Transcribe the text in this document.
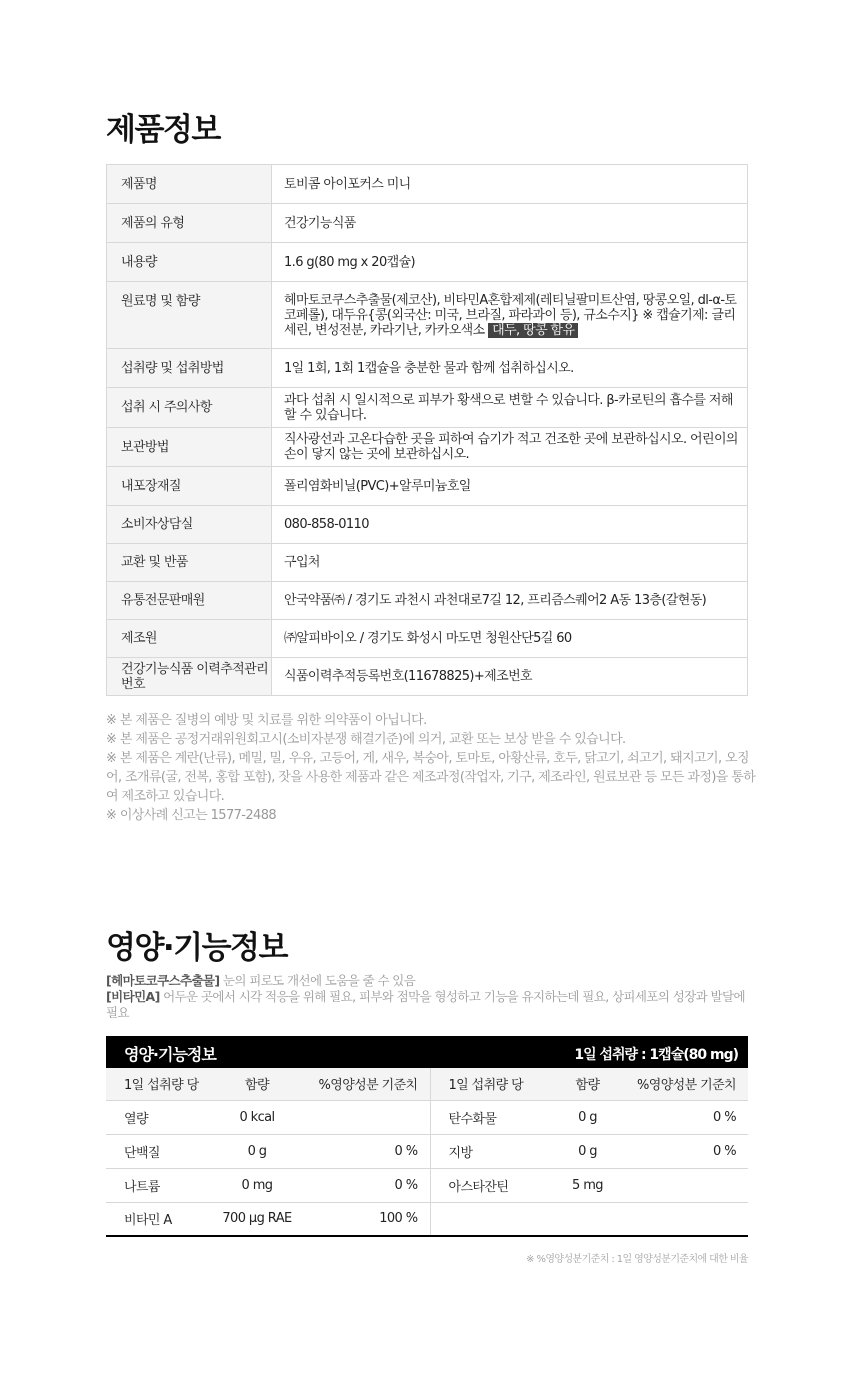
제품정보
제품명	토비콤 아이포커스 미니
제품의 유형	건강기능식품
내용량	1.6 g(80 mg x 20캡슐)
원료명 및 함량	헤마토코쿠스추출물(제코산), 비타민A혼합제제(레티닐팔미트산염, 땅콩오일, dl-α-토코페롤), 대두유{콩(외국산: 미국, 브라질, 파라과이 등), 규소수지} ※ 캡슐기제: 글리세린, 변성전분, 카라기난, 카카오색소 대두, 땅콩 함유
섭취량 및 섭취방법	1일 1회, 1회 1캡슐을 충분한 물과 함께 섭취하십시오.
섭취 시 주의사항	과다 섭취 시 일시적으로 피부가 황색으로 변할 수 있습니다. β-카로틴의 흡수를 저해할 수 있습니다.
보관방법	직사광선과 고온다습한 곳을 피하여 습기가 적고 건조한 곳에 보관하십시오. 어린이의 손이 닿지 않는 곳에 보관하십시오.
내포장재질	폴리염화비닐(PVC)+알루미늄호일
소비자상담실	080-858-0110
교환 및 반품	구입처
유통전문판매원	안국약품㈜ / 경기도 과천시 과천대로7길 12, 프리즘스퀘어2 A동 13층(갈현동)
제조원	㈜알피바이오 / 경기도 화성시 마도면 청원산단5길 60
건강기능식품 이력추적관리번호	식품이력추적등록번호(11678825)+제조번호

※ 본 제품은 질병의 예방 및 치료를 위한 의약품이 아닙니다.

※ 본 제품은 공정거래위원회고시(소비자분쟁 해결기준)에 의거, 교환 또는 보상 받을 수 있습니다.

※ 본 제품은 계란(난류), 메밀, 밀, 우유, 고등어, 게, 새우, 복숭아, 토마토, 아황산류, 호두, 닭고기, 쇠고기, 돼지고기, 오징어, 조개류(굴, 전복, 홍합 포함), 잣을 사용한 제품과 같은 제조과정(작업자, 기구, 제조라인, 원료보관 등 모든 과정)을 통하여 제조하고 있습니다.

※ 이상사례 신고는 1577-2488

영양·기능정보
[헤마토코쿠스추출물] 눈의 피로도 개선에 도움을 줄 수 있음
[비타민A] 어두운 곳에서 시각 적응을 위해 필요, 피부와 점막을 형성하고 기능을 유지하는데 필요, 상피세포의 성장과 발달에 필요
영양·기능정보	1일 섭취량 : 1캡슐(80 mg)
1일 섭취량 당	함량	%영양성분 기준치	1일 섭취량 당	함량	%영양성분 기준치
열량	0 kcal		탄수화물	0 g	0 %
단백질	0 g	0 %	지방	0 g	0 %
나트륨	0 mg	0 %	아스타잔틴	5 mg	
비타민 A	700 μg RAE	100 %			
※ %영양성분기준치 : 1일 영양성분기준치에 대한 비율
